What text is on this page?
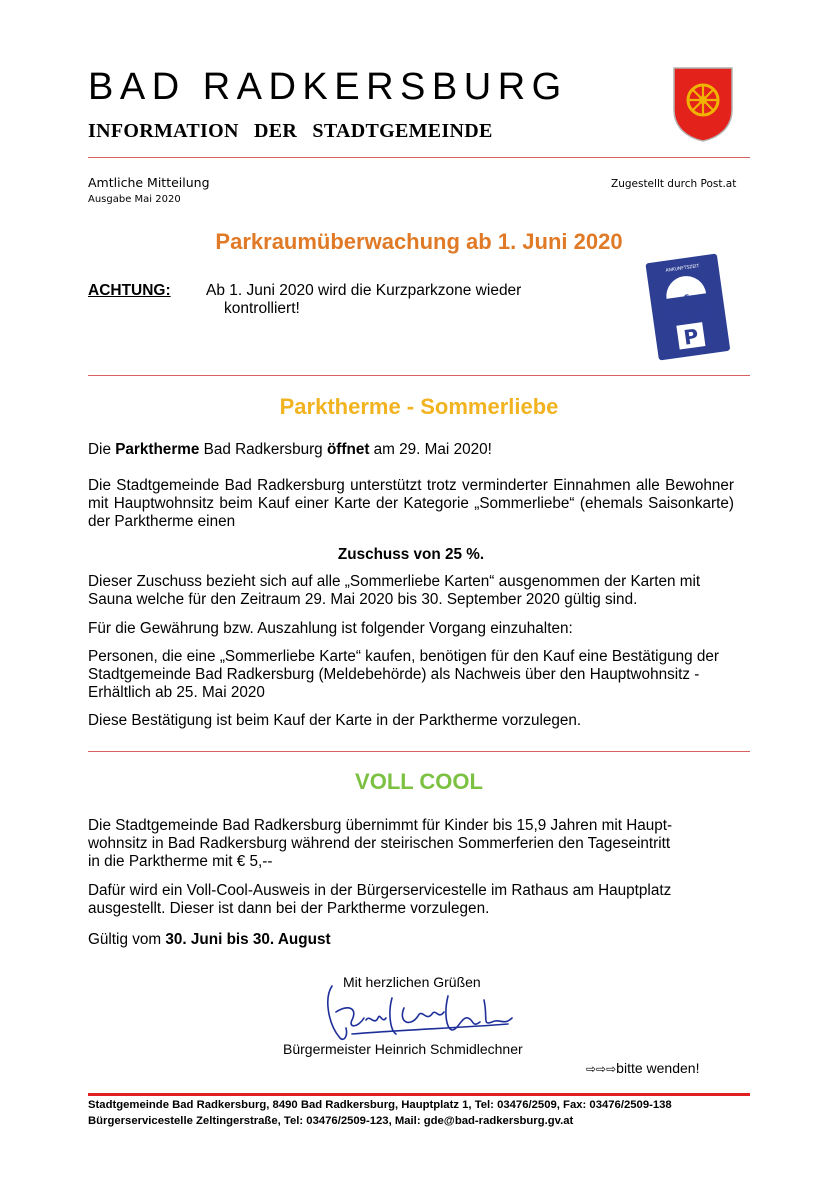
BAD RADKERSBURG
INFORMATION DER STADTGEMEINDE
Amtliche Mitteilung
Ausgabe Mai 2020
Zugestellt durch Post.at
Parkraumüberwachung ab 1. Juni 2020
ACHTUNG: Ab 1. Juni 2020 wird die Kurzparkzone wieder
kontrolliert!
ANKUNFTSZEIT
5 6 7
P
Parktherme - Sommerliebe
Die Parktherme Bad Radkersburg öffnet am 29. Mai 2020!
Die Stadtgemeinde Bad Radkersburg unterstützt trotz verminderter Einnahmen alle Bewohner mit Hauptwohnsitz beim Kauf einer Karte der Kategorie „Sommerliebe“ (ehemals Saisonkarte) der Parktherme einen
Zuschuss von 25 %.
Dieser Zuschuss bezieht sich auf alle „Sommerliebe Karten“ ausgenommen der Karten mit Sauna welche für den Zeitraum 29. Mai 2020 bis 30. September 2020 gültig sind.
Für die Gewährung bzw. Auszahlung ist folgender Vorgang einzuhalten:
Personen, die eine „Sommerliebe Karte“ kaufen, benötigen für den Kauf eine Bestätigung der Stadtgemeinde Bad Radkersburg (Meldebehörde) als Nachweis über den Hauptwohnsitz - Erhältlich ab 25. Mai 2020
Diese Bestätigung ist beim Kauf der Karte in der Parktherme vorzulegen.
VOLL COOL
Die Stadtgemeinde Bad Radkersburg übernimmt für Kinder bis 15,9 Jahren mit Haupt-
wohnsitz in Bad Radkersburg während der steirischen Sommerferien den Tageseintritt
in die Parktherme mit € 5,--
Dafür wird ein Voll-Cool-Ausweis in der Bürgerservicestelle im Rathaus am Hauptplatz
ausgestellt. Dieser ist dann bei der Parktherme vorzulegen.
Gültig vom 30. Juni bis 30. August
Mit herzlichen Grüßen
Bürgermeister Heinrich Schmidlechner
⇨⇨⇨bitte wenden!
Stadtgemeinde Bad Radkersburg, 8490 Bad Radkersburg, Hauptplatz 1, Tel: 03476/2509, Fax: 03476/2509-138
Bürgerservicestelle Zeltingerstraße, Tel: 03476/2509-123, Mail: gde@bad-radkersburg.gv.at
